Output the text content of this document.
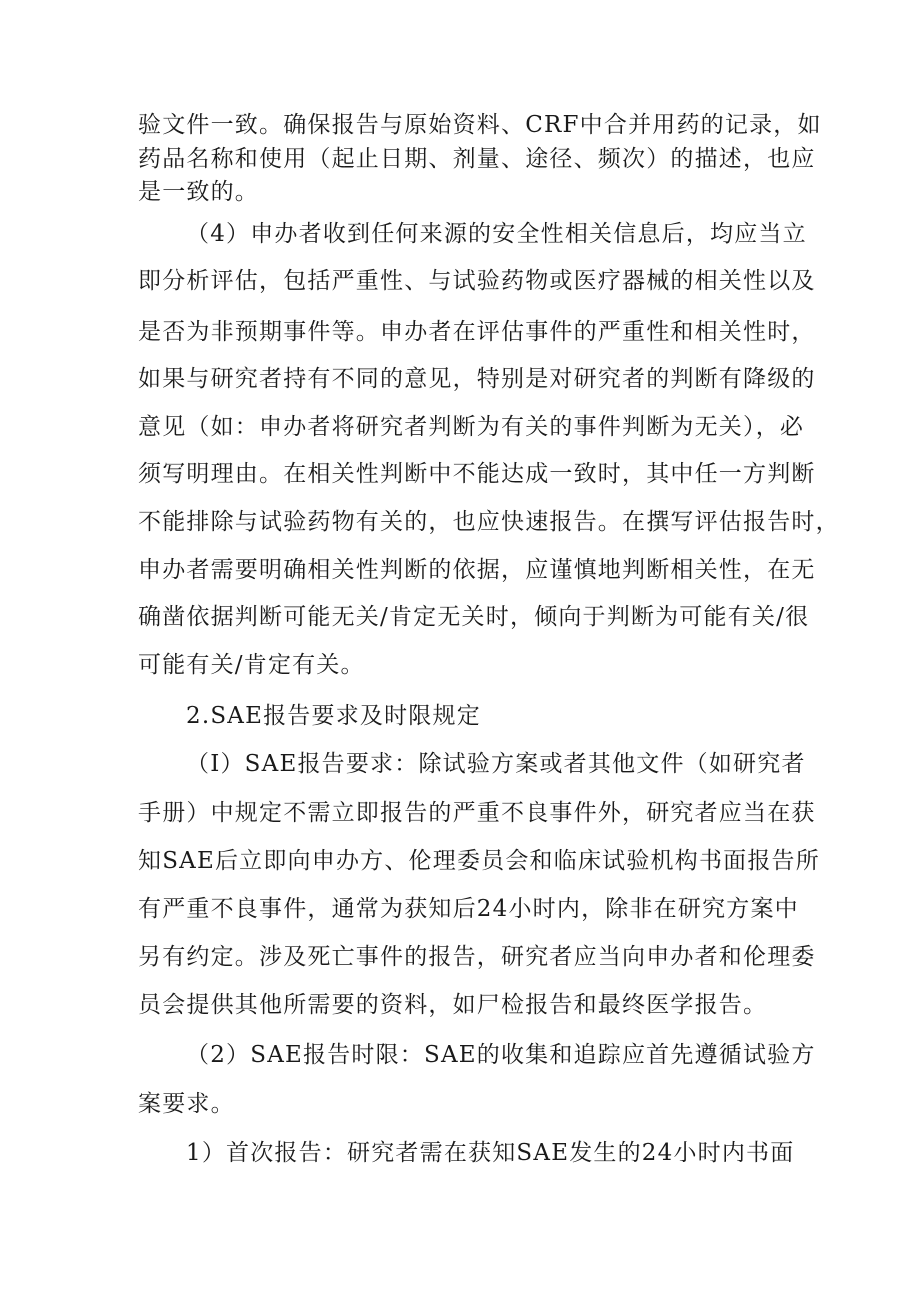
验文件一致。确保报告与原始资料、CRF中合并用药的记录，如
药品名称和使用（起止日期、剂量、途径、频次）的描述，也应
是一致的。
（4）申办者收到任何来源的安全性相关信息后，均应当立
即分析评估，包括严重性、与试验药物或医疗器械的相关性以及
是否为非预期事件等。申办者在评估事件的严重性和相关性时，
如果与研究者持有不同的意见，特别是对研究者的判断有降级的
意见（如：申办者将研究者判断为有关的事件判断为无关），必
须写明理由。在相关性判断中不能达成一致时，其中任一方判断
不能排除与试验药物有关的，也应快速报告。在撰写评估报告时，
申办者需要明确相关性判断的依据，应谨慎地判断相关性，在无
确凿依据判断可能无关/肯定无关时，倾向于判断为可能有关/很
可能有关/肯定有关。
2.SAE报告要求及时限规定
（I）SAE报告要求：除试验方案或者其他文件（如研究者
手册）中规定不需立即报告的严重不良事件外，研究者应当在获
知SAE后立即向申办方、伦理委员会和临床试验机构书面报告所
有严重不良事件，通常为获知后24小时内，除非在研究方案中
另有约定。涉及死亡事件的报告，研究者应当向申办者和伦理委
员会提供其他所需要的资料，如尸检报告和最终医学报告。
（2）SAE报告时限：SAE的收集和追踪应首先遵循试验方
案要求。
1）首次报告：研究者需在获知SAE发生的24小时内书面
